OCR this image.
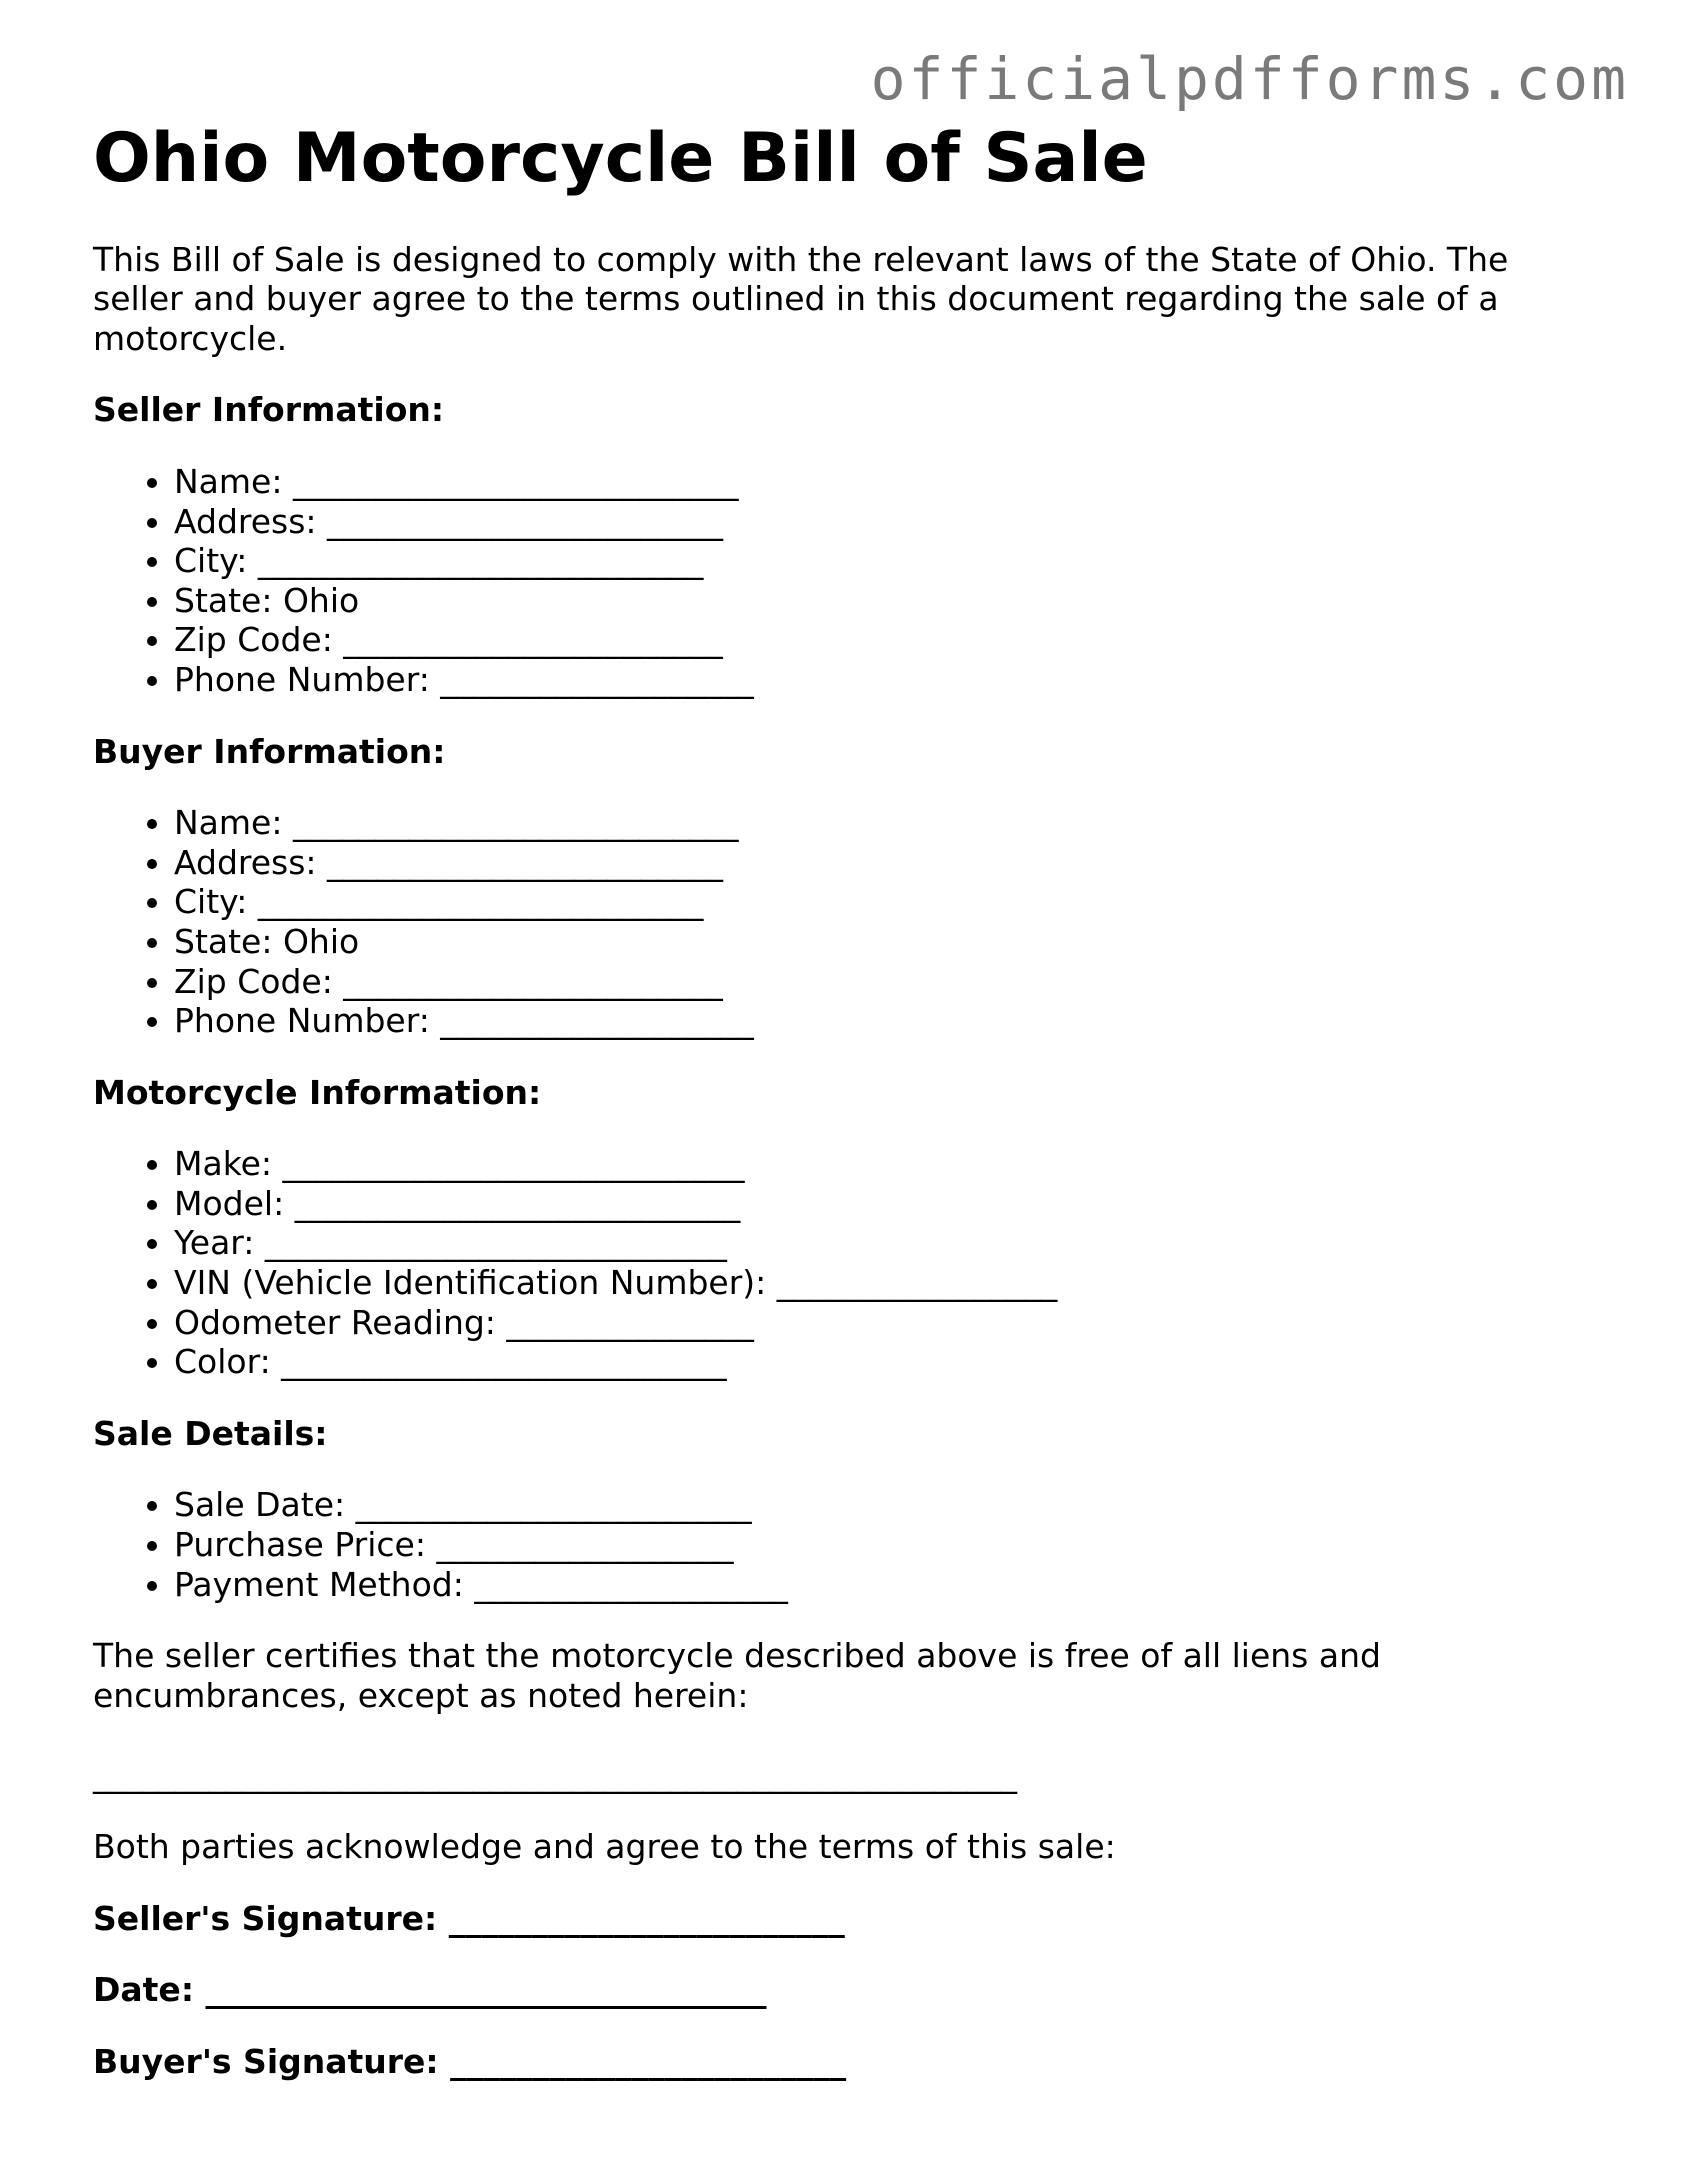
officialpdfforms.com
Ohio Motorcycle Bill of Sale

This Bill of Sale is designed to comply with the relevant laws of the State of Ohio. The seller and buyer agree to the terms outlined in this document regarding the sale of a motorcycle.

Seller Information:

• Name: ___________________________
• Address: ________________________
• City: ___________________________
• State: Ohio
• Zip Code: _______________________
• Phone Number: ___________________

Buyer Information:

• Name: ___________________________
• Address: ________________________
• City: ___________________________
• State: Ohio
• Zip Code: _______________________
• Phone Number: ___________________

Motorcycle Information:

• Make: ____________________________
• Model: ___________________________
• Year: ____________________________
• VIN (Vehicle Identification Number): _________________
• Odometer Reading: _______________
• Color: ___________________________

Sale Details:

• Sale Date: ________________________
• Purchase Price: __________________
• Payment Method: ___________________

The seller certifies that the motorcycle described above is free of all liens and encumbrances, except as noted herein:

________________________________________________________

Both parties acknowledge and agree to the terms of this sale:

Seller's Signature: ________________________

Date: __________________________________

Buyer's Signature: ________________________
